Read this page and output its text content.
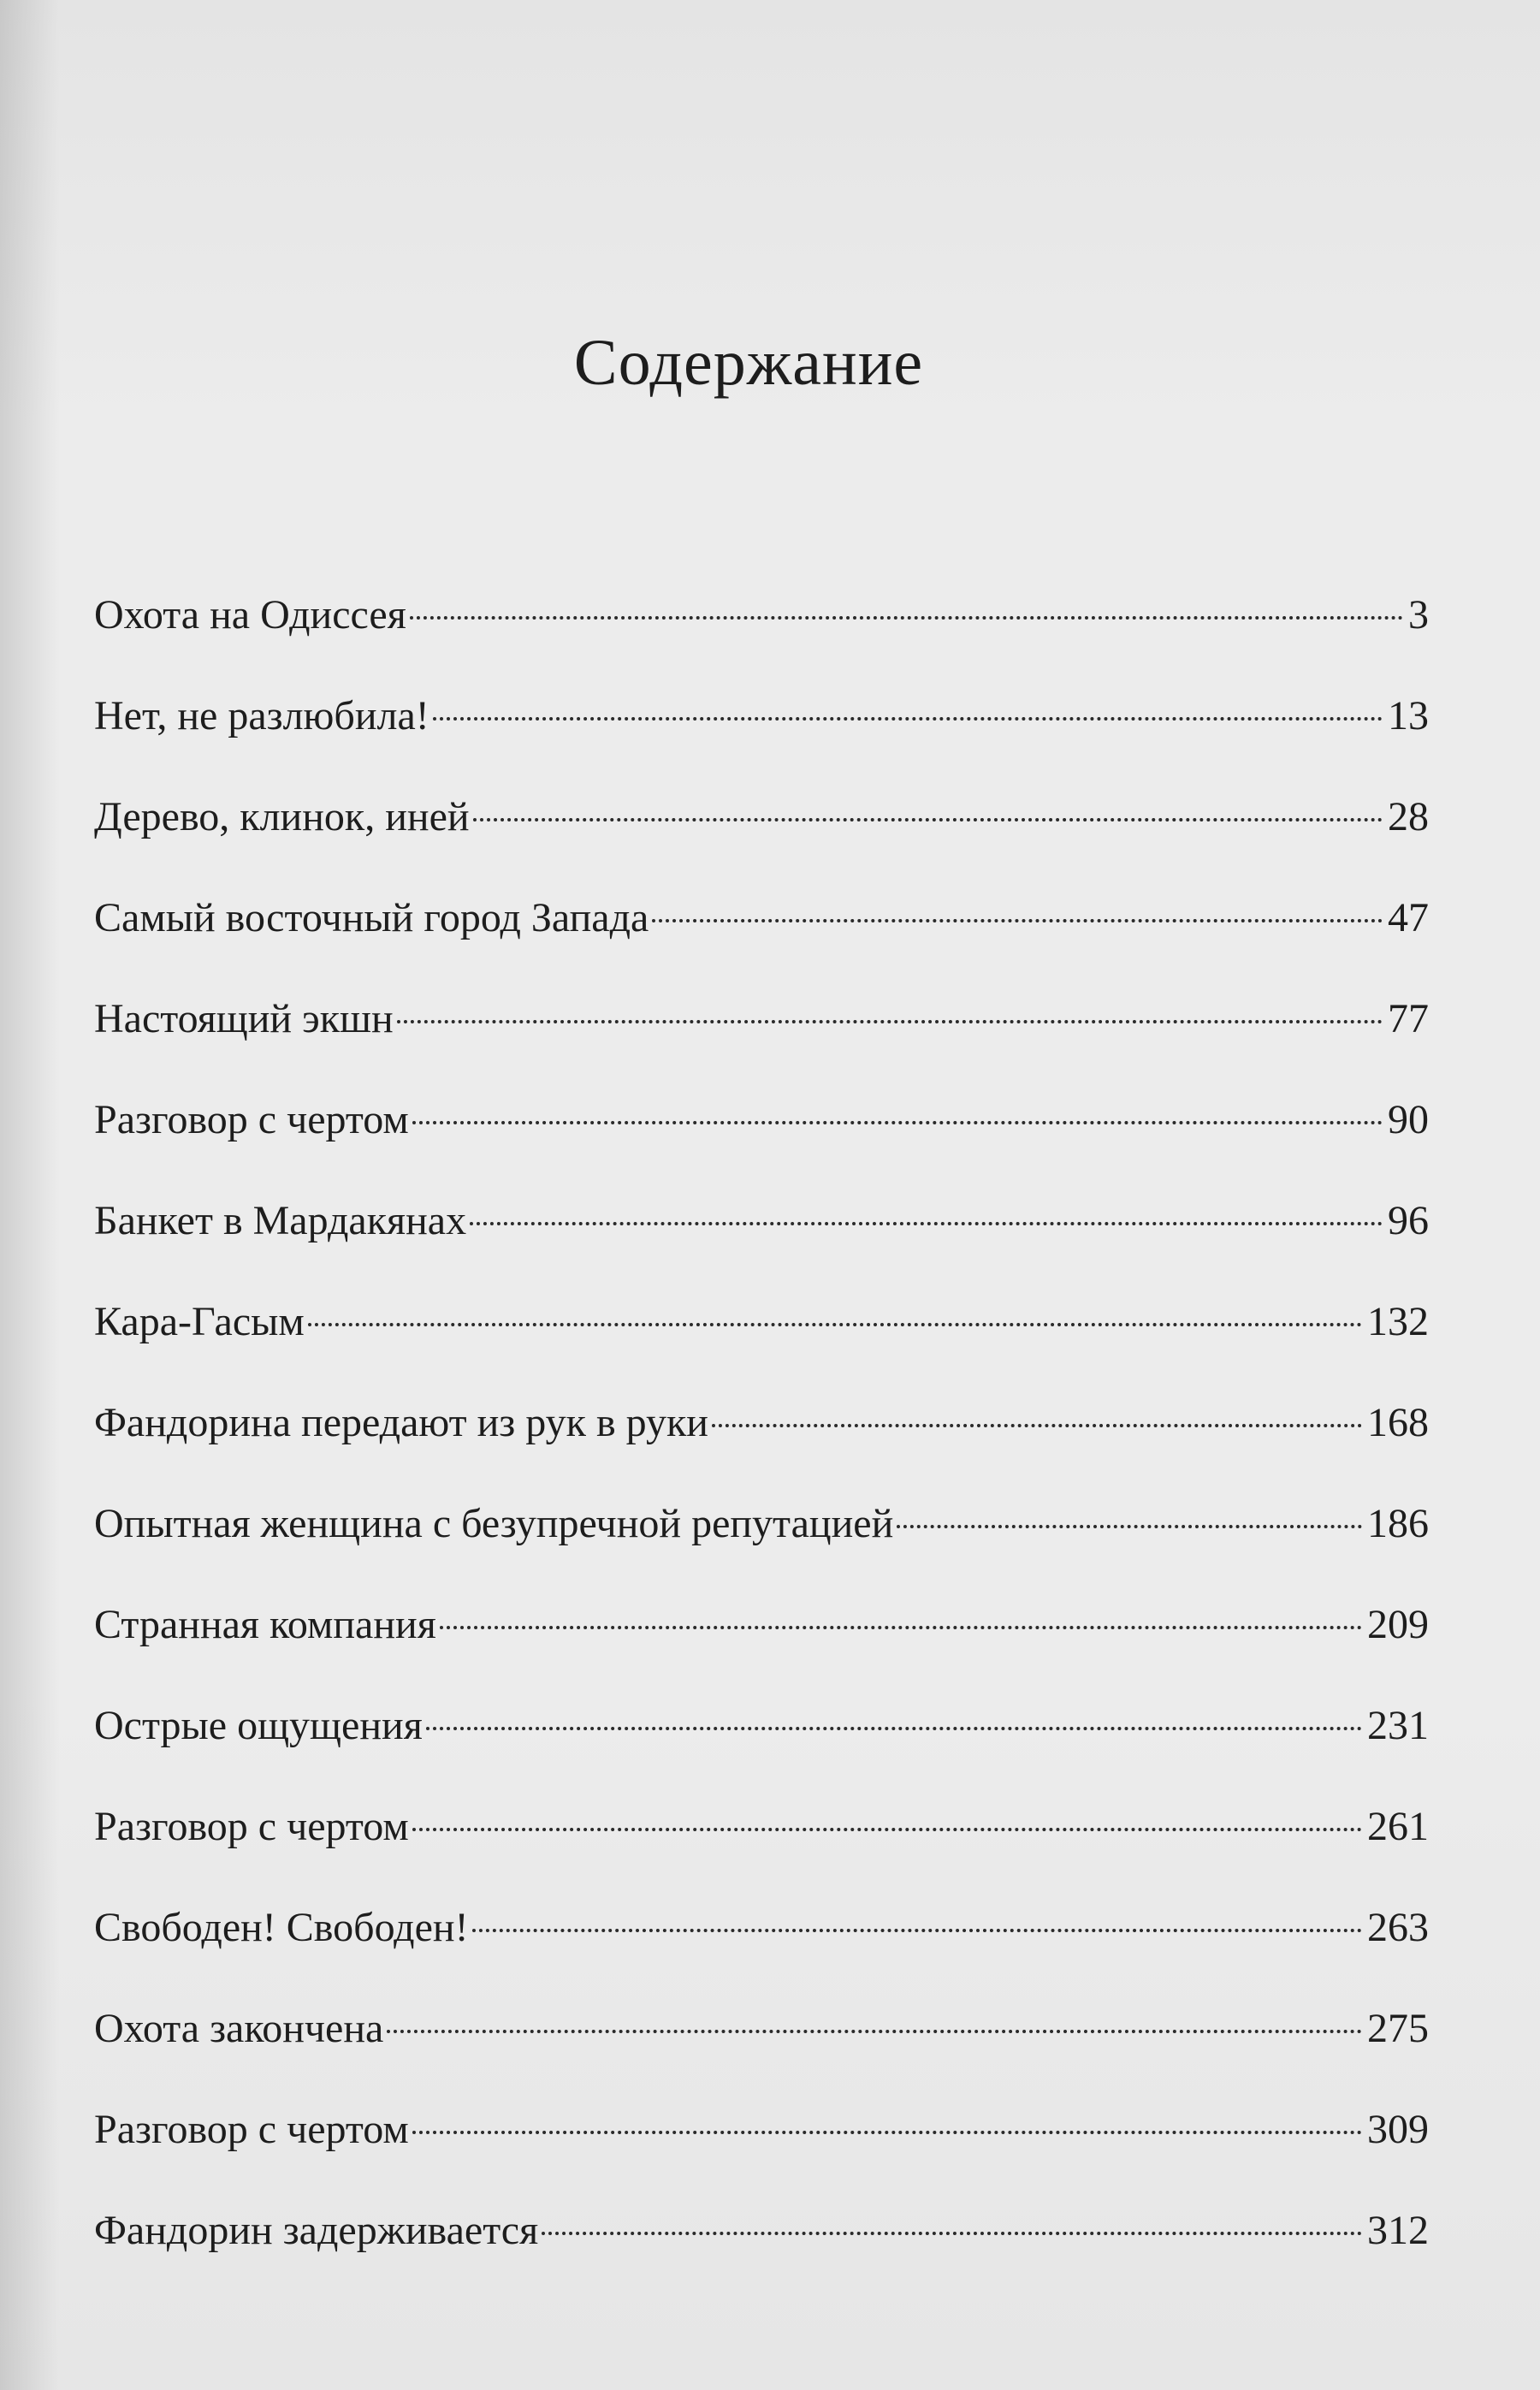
Содержание
Охота на Одиссея	3
Нет, не разлюбила!	13
Дерево, клинок, иней	28
Самый восточный город Запада	47
Настоящий экшн	77
Разговор с чертом	90
Банкет в Мардакянах	96
Кара-Гасым	132
Фандорина передают из рук в руки	168
Опытная женщина с безупречной репутацией	186
Странная компания	209
Острые ощущения	231
Разговор с чертом	261
Свободен! Свободен!	263
Охота закончена	275
Разговор с чертом	309
Фандорин задерживается	312
